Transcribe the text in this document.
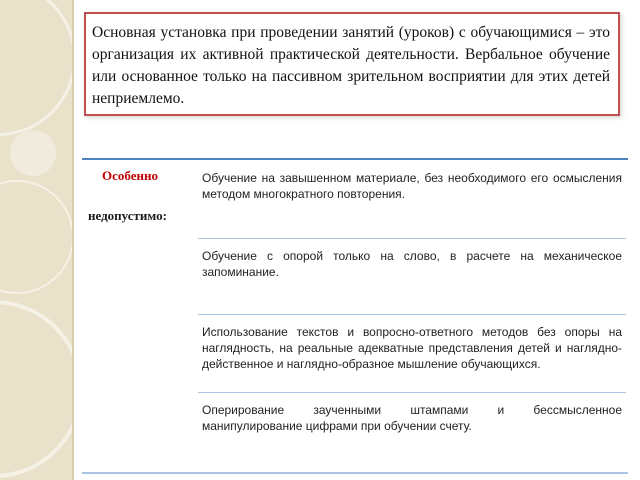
Основная установка при проведении занятий (уроков) с обучающимися – это организация их активной практической деятельности. Вербальное обучение или основанное только на пассивном зрительном восприятии для этих детей неприемлемо.

Особенно
недопустимо:
Обучение на завышенном материале, без необходимого его осмысления методом многократного повторения.
Обучение с опорой только на слово, в расчете на механическое запоминание.
Использование текстов и вопросно-ответного методов без опоры на наглядность, на реальные адекватные представления детей и наглядно-действенное и наглядно-образное мышление обучающихся.
Оперирование заученными штампами и бессмысленное манипулирование цифрами при обучении счету.
